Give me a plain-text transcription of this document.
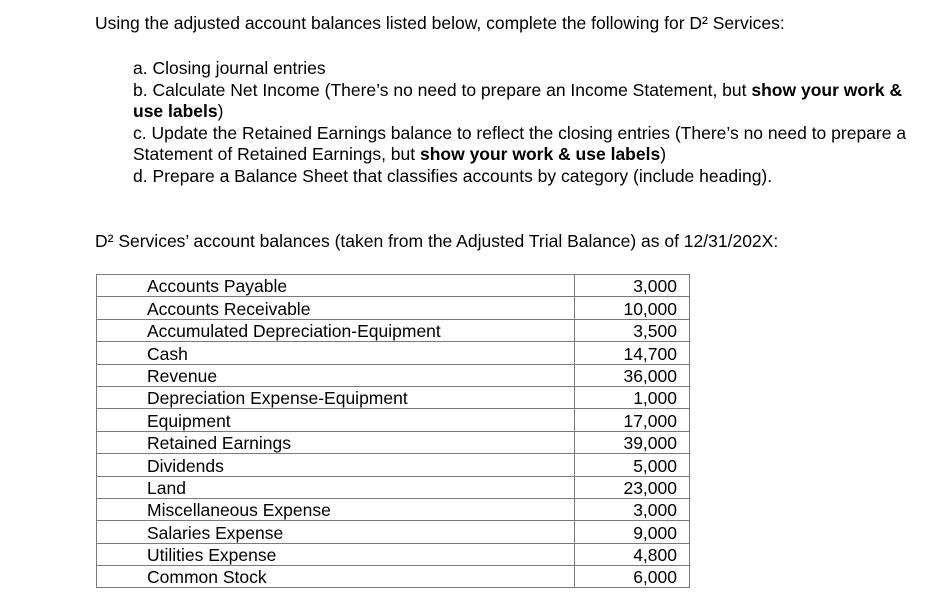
Using the adjusted account balances listed below, complete the following for D² Services:

a. Closing journal entries
b. Calculate Net Income (There’s no need to prepare an Income Statement, but show your work & use labels)
c. Update the Retained Earnings balance to reflect the closing entries (There’s no need to prepare a Statement of Retained Earnings, but show your work & use labels)
d. Prepare a Balance Sheet that classifies accounts by category (include heading).

D² Services’ account balances (taken from the Adjusted Trial Balance) as of 12/31/202X:

Accounts Payable	3,000
Accounts Receivable	10,000
Accumulated Depreciation-Equipment	3,500
Cash	14,700
Revenue	36,000
Depreciation Expense-Equipment	1,000
Equipment	17,000
Retained Earnings	39,000
Dividends	5,000
Land	23,000
Miscellaneous Expense	3,000
Salaries Expense	9,000
Utilities Expense	4,800
Common Stock	6,000
